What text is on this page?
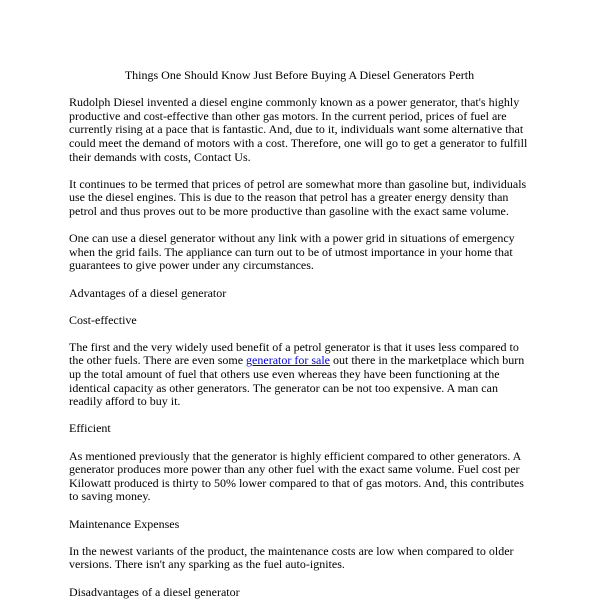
Things One Should Know Just Before Buying A Diesel Generators Perth

Rudolph Diesel invented a diesel engine commonly known as a power generator, that's highly productive and cost-effective than other gas motors. In the current period, prices of fuel are currently rising at a pace that is fantastic. And, due to it, individuals want some alternative that could meet the demand of motors with a cost. Therefore, one will go to get a generator to fulfill their demands with costs, Contact Us.

It continues to be termed that prices of petrol are somewhat more than gasoline but, individuals use the diesel engines. This is due to the reason that petrol has a greater energy density than petrol and thus proves out to be more productive than gasoline with the exact same volume.

One can use a diesel generator without any link with a power grid in situations of emergency when the grid fails. The appliance can turn out to be of utmost importance in your home that guarantees to give power under any circumstances.

Advantages of a diesel generator

Cost-effective

The first and the very widely used benefit of a petrol generator is that it uses less compared to the other fuels. There are even some generator for sale out there in the marketplace which burn up the total amount of fuel that others use even whereas they have been functioning at the identical capacity as other generators. The generator can be not too expensive. A man can readily afford to buy it.

Efficient

As mentioned previously that the generator is highly efficient compared to other generators. A generator produces more power than any other fuel with the exact same volume. Fuel cost per Kilowatt produced is thirty to 50% lower compared to that of gas motors. And, this contributes to saving money.

Maintenance Expenses

In the newest variants of the product, the maintenance costs are low when compared to older versions. There isn't any sparking as the fuel auto-ignites.

Disadvantages of a diesel generator
